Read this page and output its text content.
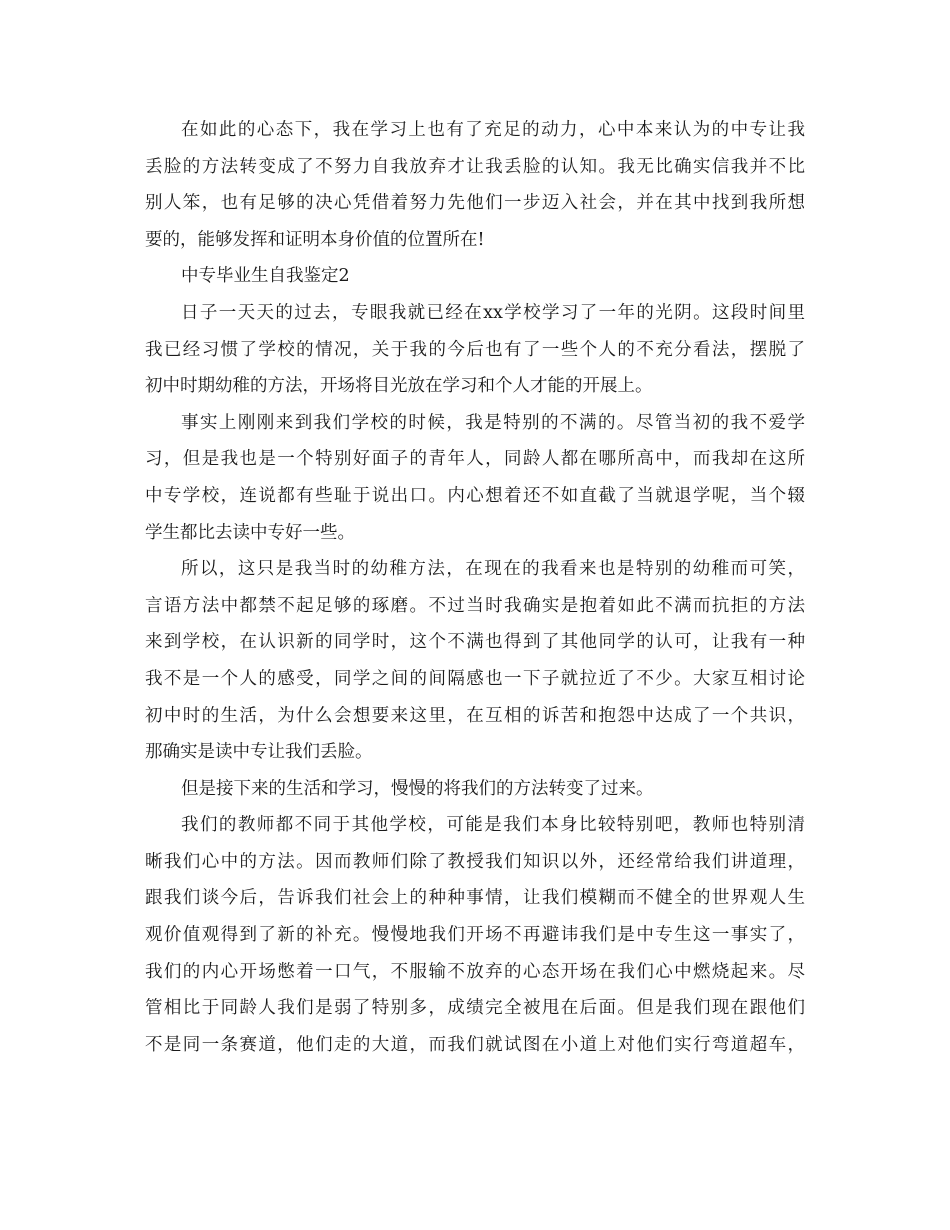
在如此的心态下，我在学习上也有了充足的动力，心中本来认为的中专让我
丢脸的方法转变成了不努力自我放弃才让我丢脸的认知。我无比确实信我并不比
别人笨，也有足够的决心凭借着努力先他们一步迈入社会，并在其中找到我所想
要的，能够发挥和证明本身价值的位置所在!
中专毕业生自我鉴定2
日子一天天的过去，专眼我就已经在xx学校学习了一年的光阴。这段时间里
我已经习惯了学校的情况，关于我的今后也有了一些个人的不充分看法，摆脱了
初中时期幼稚的方法，开场将目光放在学习和个人才能的开展上。
事实上刚刚来到我们学校的时候，我是特别的不满的。尽管当初的我不爱学
习，但是我也是一个特别好面子的青年人，同龄人都在哪所高中，而我却在这所
中专学校，连说都有些耻于说出口。内心想着还不如直截了当就退学呢，当个辍
学生都比去读中专好一些。
所以，这只是我当时的幼稚方法，在现在的我看来也是特别的幼稚而可笑，
言语方法中都禁不起足够的琢磨。不过当时我确实是抱着如此不满而抗拒的方法
来到学校，在认识新的同学时，这个不满也得到了其他同学的认可，让我有一种
我不是一个人的感受，同学之间的间隔感也一下子就拉近了不少。大家互相讨论
初中时的生活，为什么会想要来这里，在互相的诉苦和抱怨中达成了一个共识，
那确实是读中专让我们丢脸。
但是接下来的生活和学习，慢慢的将我们的方法转变了过来。
我们的教师都不同于其他学校，可能是我们本身比较特别吧，教师也特别清
晰我们心中的方法。因而教师们除了教授我们知识以外，还经常给我们讲道理，
跟我们谈今后，告诉我们社会上的种种事情，让我们模糊而不健全的世界观人生
观价值观得到了新的补充。慢慢地我们开场不再避讳我们是中专生这一事实了，
我们的内心开场憋着一口气，不服输不放弃的心态开场在我们心中燃烧起来。尽
管相比于同龄人我们是弱了特别多，成绩完全被甩在后面。但是我们现在跟他们
不是同一条赛道，他们走的大道，而我们就试图在小道上对他们实行弯道超车，
